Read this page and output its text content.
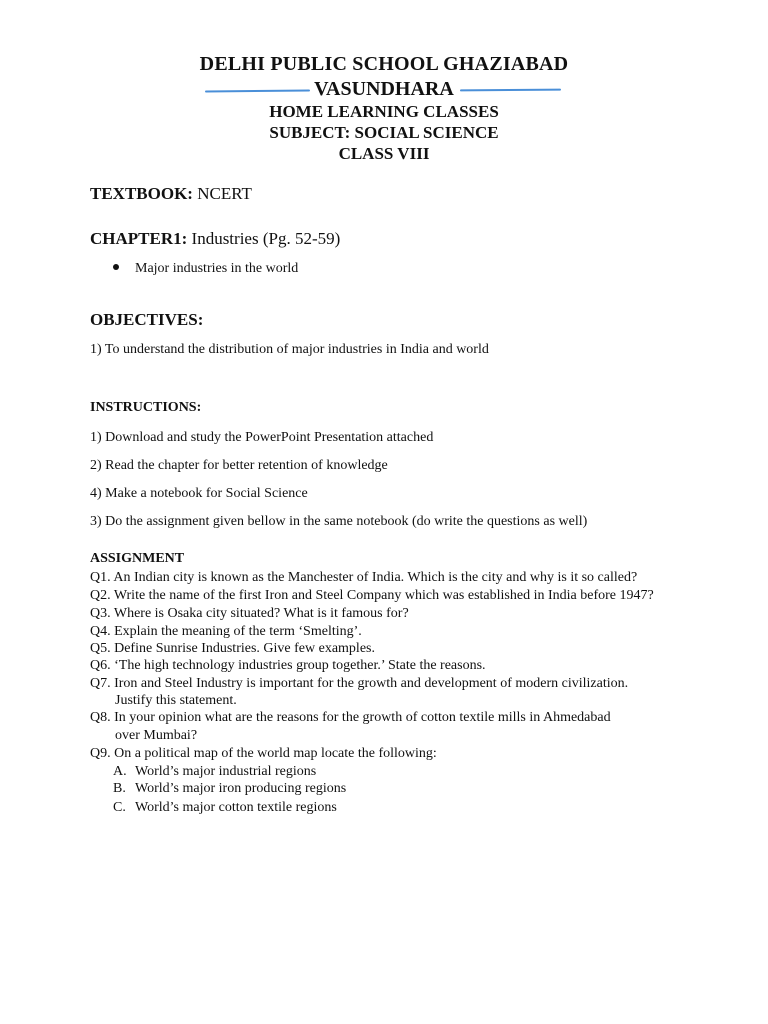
DELHI PUBLIC SCHOOL GHAZIABAD
VASUNDHARA
HOME LEARNING CLASSES
SUBJECT: SOCIAL SCIENCE
CLASS VIII
TEXTBOOK: NCERT
CHAPTER1: Industries (Pg. 52-59)
Major industries in the world
OBJECTIVES:
1) To understand the distribution of major industries in India and world
INSTRUCTIONS:
1) Download and study the PowerPoint Presentation attached
2) Read the chapter for better retention of knowledge
4) Make a notebook for Social Science
3) Do the assignment given bellow in the same notebook (do write the questions as well)
ASSIGNMENT
Q1. An Indian city is known as the Manchester of India. Which is the city and why is it so called?
Q2. Write the name of the first Iron and Steel Company which was established in India before 1947?
Q3. Where is Osaka city situated? What is it famous for?
Q4. Explain the meaning of the term ‘Smelting’.
Q5. Define Sunrise Industries. Give few examples.
Q6. ‘The high technology industries group together.’ State the reasons.
Q7. Iron and Steel Industry is important for the growth and development of modern civilization.
Justify this statement.
Q8. In your opinion what are the reasons for the growth of cotton textile mills in Ahmedabad
over Mumbai?
Q9. On a political map of the world map locate the following:
A. World’s major industrial regions
B. World’s major iron producing regions
C. World’s major cotton textile regions
